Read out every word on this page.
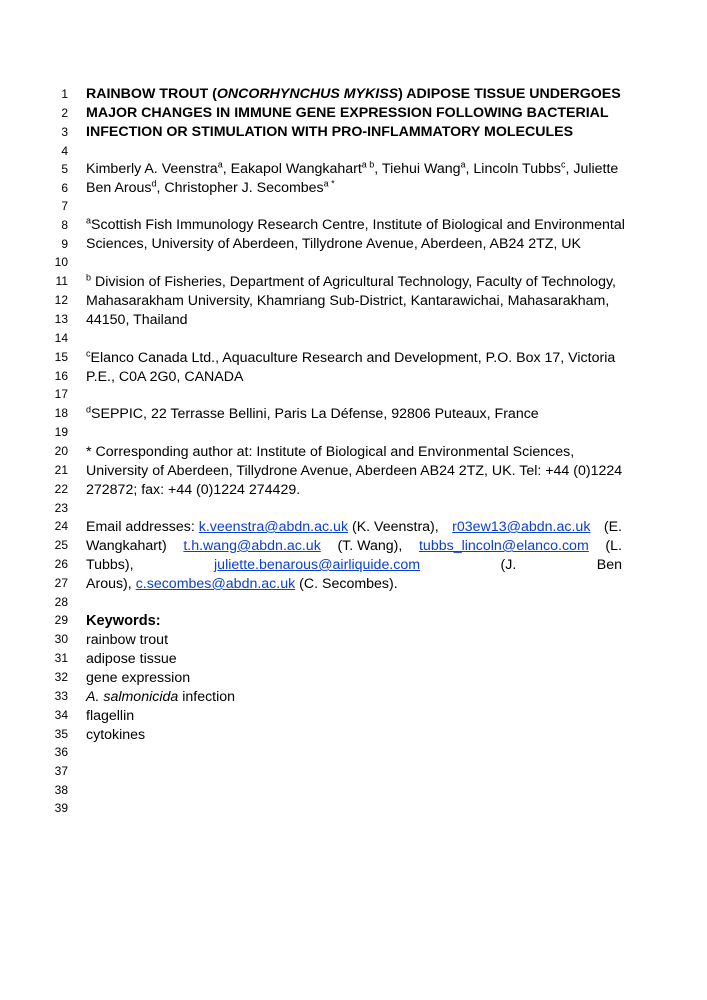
1
2
3
4
5
6
7
8
9
10
11
12
13
14
15
16
17
18
19
20
21
22
23
24
25
26
27
28
29
30
31
32
33
34
35
36
37
38
39
RAINBOW TROUT (ONCORHYNCHUS MYKISS) ADIPOSE TISSUE UNDERGOES
MAJOR CHANGES IN IMMUNE GENE EXPRESSION FOLLOWING BACTERIAL
INFECTION OR STIMULATION WITH PRO-INFLAMMATORY MOLECULES
Kimberly A. Veenstra$^a$, Eakapol Wangkahart$^{a b}$, Tiehui Wang$^a$, Lincoln Tubbs$^c$, Juliette
Ben Arous$^d$, Christopher J. Secombes$^{a *}$
$^a$Scottish Fish Immunology Research Centre, Institute of Biological and Environmental
Sciences, University of Aberdeen, Tillydrone Avenue, Aberdeen, AB24 2TZ, UK
$^b$ Division of Fisheries, Department of Agricultural Technology, Faculty of Technology,
Mahasarakham University, Khamriang Sub-District, Kantarawichai, Mahasarakham,
44150, Thailand
$^c$Elanco Canada Ltd., Aquaculture Research and Development, P.O. Box 17, Victoria
P.E., C0A 2G0, CANADA
$^d$SEPPIC, 22 Terrasse Bellini, Paris La Défense, 92806 Puteaux, France
* Corresponding author at: Institute of Biological and Environmental Sciences,
University of Aberdeen, Tillydrone Avenue, Aberdeen AB24 2TZ, UK. Tel: +44 (0)1224
272872; fax: +44 (0)1224 274429.
Email addresses: k.veenstra@abdn.ac.uk (K. Veenstra), r03ew13@abdn.ac.uk (E.
Wangkahart) t.h.wang@abdn.ac.uk (T. Wang), tubbs_lincoln@elanco.com (L.
Tubbs),	juliette.benarous@airliquide.com	(J.	Ben
Arous), c.secombes@abdn.ac.uk (C. Secombes).
Keywords:
rainbow trout
adipose tissue
gene expression
A. salmonicida infection
flagellin
cytokines
